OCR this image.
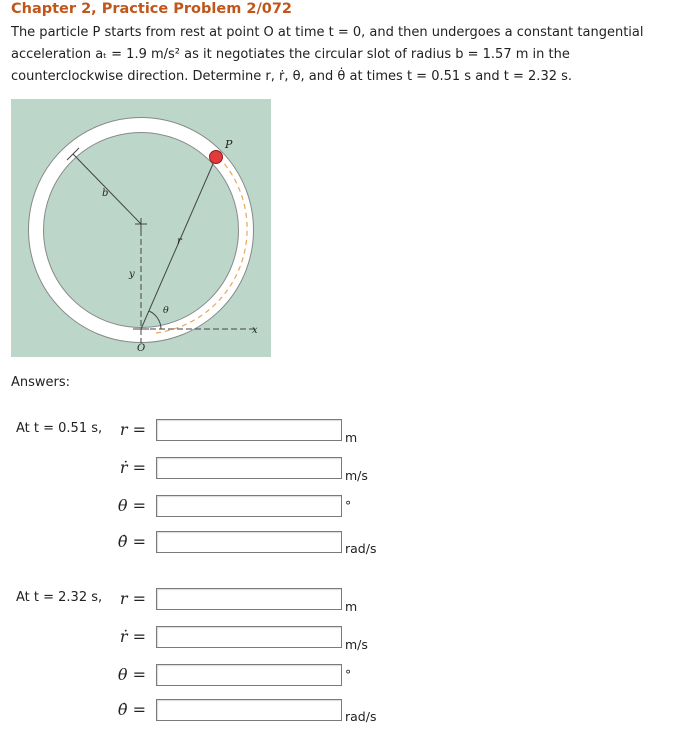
Chapter 2, Practice Problem 2/072
The particle P starts from rest at point O at time t = 0, and then undergoes a constant tangential
acceleration aₜ = 1.9 m/s² as it negotiates the circular slot of radius b = 1.57 m in the
counterclockwise direction. Determine r, ṙ, θ, and θ̇ at times t = 0.51 s and t = 2.32 s.
P
b
r
y
θ
x
O
Answers:
At t = 0.51 s, r =	m
ṙ =	m/s
θ =	°
θ̇ =	rad/s
At t = 2.32 s, r =	m
ṙ =	m/s
θ =	°
θ̇ =	rad/s
